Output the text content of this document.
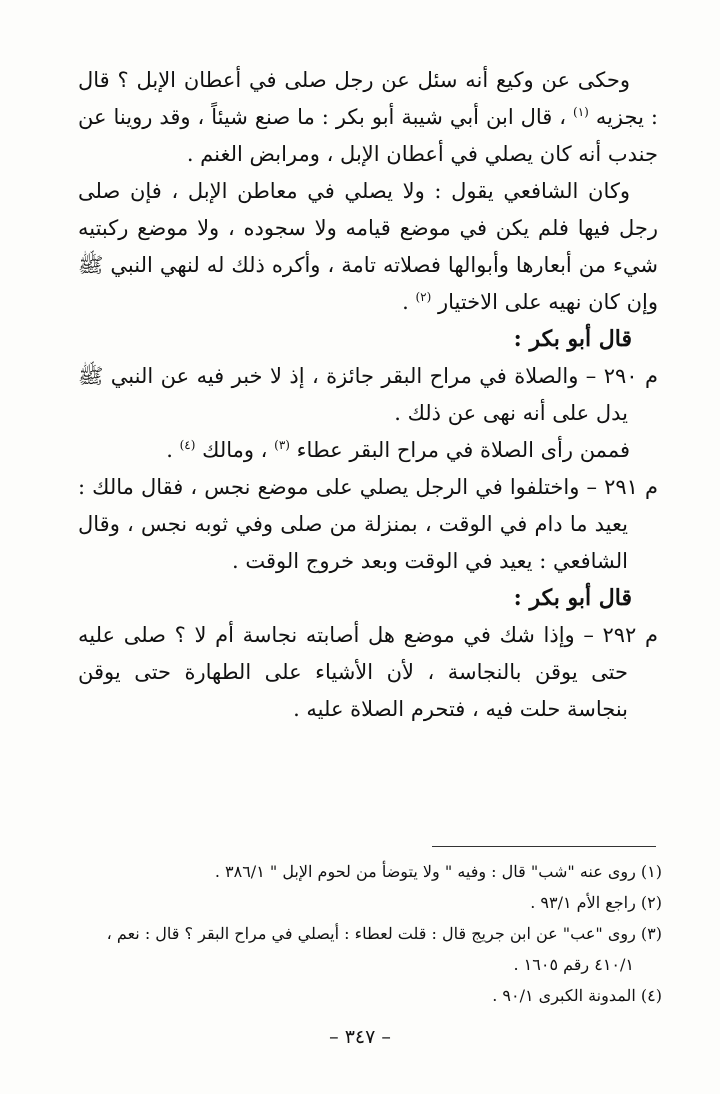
وحكى عن وكيع أنه سئل عن رجل صلى في أعطان الإبل ؟ قال : يجزيه $^{(١)}$ ، قال ابن أبي شيبة أبو بكر : ما صنع شيئاً ، وقد روينا عن جندب أنه كان يصلي في أعطان الإبل ، ومرابض الغنم .

وكان الشافعي يقول : ولا يصلي في معاطن الإبل ، فإن صلى رجل فيها فلم يكن في موضع قيامه ولا سجوده ، ولا موضع ركبتيه شيء من أبعارها وأبوالها فصلاته تامة ، وأكره ذلك له لنهي النبي ﷺ وإن كان نهيه على الاختيار $^{(٢)}$ .

قال أبو بكر :

م ٢٩٠ – والصلاة في مراح البقر جائزة ، إذ لا خبر فيه عن النبي ﷺ يدل على أنه نهى عن ذلك .

فممن رأى الصلاة في مراح البقر عطاء $^{(٣)}$ ، ومالك $^{(٤)}$ .

م ٢٩١ – واختلفوا في الرجل يصلي على موضع نجس ، فقال مالك : يعيد ما دام في الوقت ، بمنزلة من صلى وفي ثوبه نجس ، وقال الشافعي : يعيد في الوقت وبعد خروج الوقت .

قال أبو بكر :

م ٢٩٢ – وإذا شك في موضع هل أصابته نجاسة أم لا ؟ صلى عليه حتى يوقن بالنجاسة ، لأن الأشياء على الطهارة حتى يوقن بنجاسة حلت فيه ، فتحرم الصلاة عليه .

(١) روى عنه "شب" قال : وفيه " ولا يتوضأ من لحوم الإبل " ٣٨٦/١ .

(٢) راجع الأم ٩٣/١ .

(٣) روى "عب" عن ابن جريج قال : قلت لعطاء : أيصلي في مراح البقر ؟ قال : نعم ، ٤١٠/١ رقم ١٦٠٥ .

(٤) المدونة الكبرى ٩٠/١ .

– ٣٤٧ –
